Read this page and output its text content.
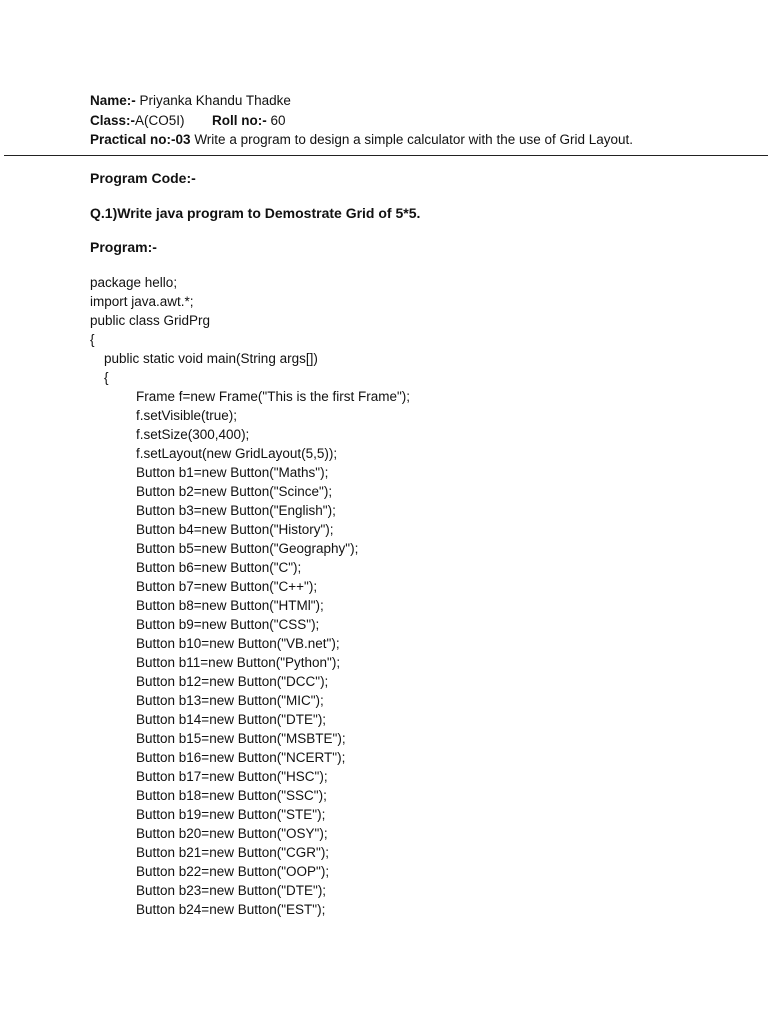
Name:- Priyanka Khandu Thadke
Class:-A(CO5I) Roll no:- 60
Practical no:-03 Write a program to design a simple calculator with the use of Grid Layout.
Program Code:-
Q.1)Write java program to Demostrate Grid of 5*5.
Program:-
package hello;
import java.awt.*;
public class GridPrg
{
public static void main(String args[])
{
Frame f=new Frame("This is the first Frame");
f.setVisible(true);
f.setSize(300,400);
f.setLayout(new GridLayout(5,5));
Button b1=new Button("Maths");
Button b2=new Button("Scince");
Button b3=new Button("English");
Button b4=new Button("History");
Button b5=new Button("Geography");
Button b6=new Button("C");
Button b7=new Button("C++");
Button b8=new Button("HTMl");
Button b9=new Button("CSS");
Button b10=new Button("VB.net");
Button b11=new Button("Python");
Button b12=new Button("DCC");
Button b13=new Button("MIC");
Button b14=new Button("DTE");
Button b15=new Button("MSBTE");
Button b16=new Button("NCERT");
Button b17=new Button("HSC");
Button b18=new Button("SSC");
Button b19=new Button("STE");
Button b20=new Button("OSY");
Button b21=new Button("CGR");
Button b22=new Button("OOP");
Button b23=new Button("DTE");
Button b24=new Button("EST");
